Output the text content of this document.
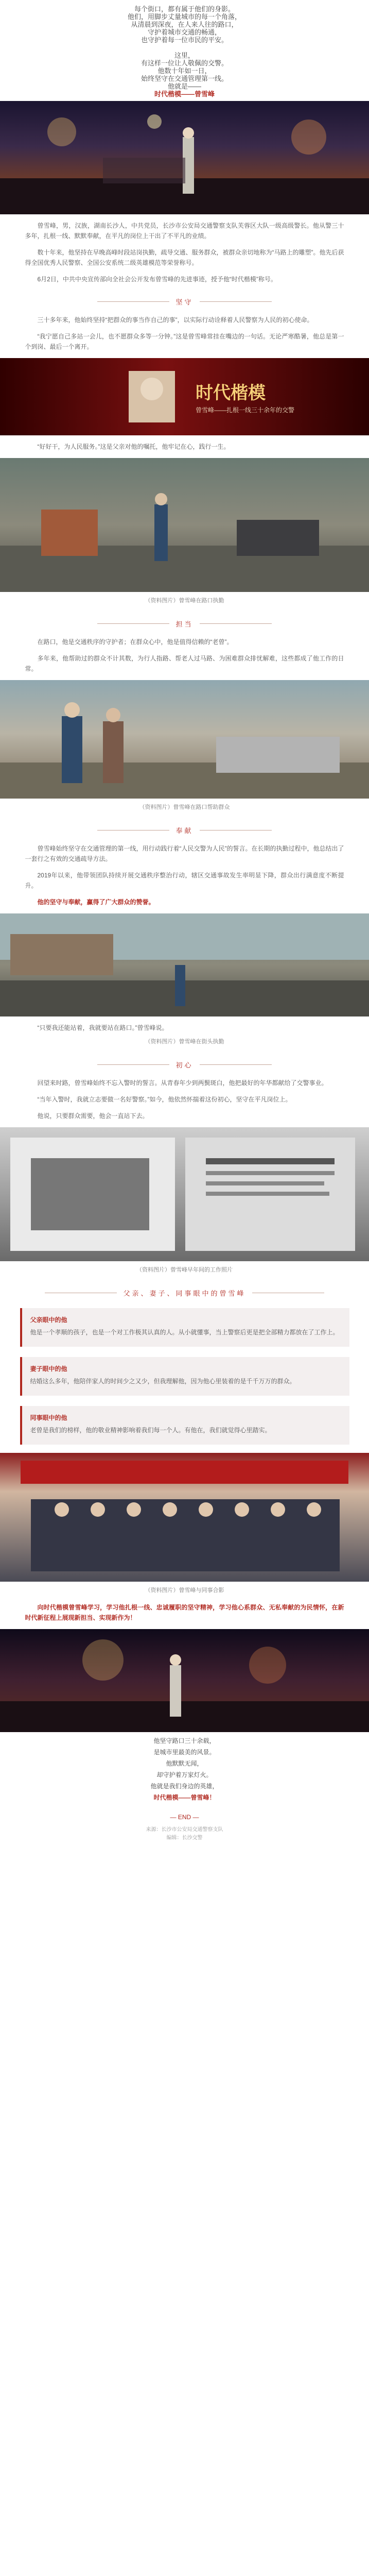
每个街口，都有属于他们的身影。
他们，用脚步丈量城市的每一个角落，
从清晨到深夜，在人来人往的路口，
守护着城市交通的畅通，
也守护着每一位市民的平安。
这里，
有这样一位让人敬佩的交警。
他数十年如一日，
始终坚守在交通管理第一线。
他就是——
时代楷模——曾雪峰

曾雪峰，男，汉族，湖南长沙人，中共党员，长沙市公安局交通警察支队芙蓉区大队一级高级警长。他从警三十多年，扎根一线、默默奉献，在平凡的岗位上干出了不平凡的业绩。

数十年来，他坚持在早晚高峰时段站岗执勤，疏导交通、服务群众，被群众亲切地称为“马路上的雕塑”。他先后获得全国优秀人民警察、全国公安系统二级英雄模范等荣誉称号。

6月2日，中共中央宣传部向全社会公开发布曾雪峰的先进事迹，授予他“时代楷模”称号。

坚守

三十多年来，他始终坚持“把群众的事当作自己的事”，以实际行动诠释着人民警察为人民的初心使命。

“我宁愿自己多站一会儿，也不愿群众多等一分钟。”这是曾雪峰常挂在嘴边的一句话。无论严寒酷暑，他总是第一个到岗、最后一个离开。

时代楷模
曾雪峰——扎根一线三十余年的交警

“好好干，为人民服务。”这是父亲对他的嘱托，他牢记在心，践行一生。

（资料图片）曾雪峰在路口执勤
担当

在路口，他是交通秩序的守护者；在群众心中，他是值得信赖的“老曾”。

多年来，他帮助过的群众不计其数，为行人指路、帮老人过马路、为困难群众排忧解难，这些都成了他工作的日常。

（资料图片）曾雪峰在路口帮助群众
奉献

曾雪峰始终坚守在交通管理的第一线，用行动践行着“人民交警为人民”的誓言。在长期的执勤过程中，他总结出了一套行之有效的交通疏导方法。

2019年以来，他带领团队持续开展交通秩序整治行动，辖区交通事故发生率明显下降，群众出行满意度不断提升。

他的坚守与奉献，赢得了广大群众的赞誉。

“只要我还能站着，我就要站在路口。”曾雪峰说。

（资料图片）曾雪峰在街头执勤
初心

回望来时路，曾雪峰始终不忘入警时的誓言。从青春年少到两鬓斑白，他把最好的年华都献给了交警事业。

“当年入警时，我就立志要做一名好警察。”如今，他依然怀揣着这份初心，坚守在平凡岗位上。

他说，只要群众需要，他会一直站下去。

（资料图片）曾雪峰早年间的工作照片
父亲、妻子、同事眼中的曾雪峰
父亲眼中的他
他是一个孝顺的孩子，也是一个对工作极其认真的人。从小就懂事，当上警察后更是把全部精力都放在了工作上。
妻子眼中的他
结婚这么多年，他陪伴家人的时间少之又少，但我理解他，因为他心里装着的是千千万万的群众。
同事眼中的他
老曾是我们的榜样，他的敬业精神影响着我们每一个人。有他在，我们就觉得心里踏实。
（资料图片）曾雪峰与同事合影

向时代楷模曾雪峰学习，学习他扎根一线、忠诚履职的坚守精神，学习他心系群众、无私奉献的为民情怀，在新时代新征程上展现新担当、实现新作为！

他坚守路口三十余载，
是城市里最美的风景。
他默默无闻，
却守护着万家灯火。
他就是我们身边的英雄，
时代楷模——曾雪峰！
— END —
来源：长沙市公安局交通警察支队
编辑：长沙交警
